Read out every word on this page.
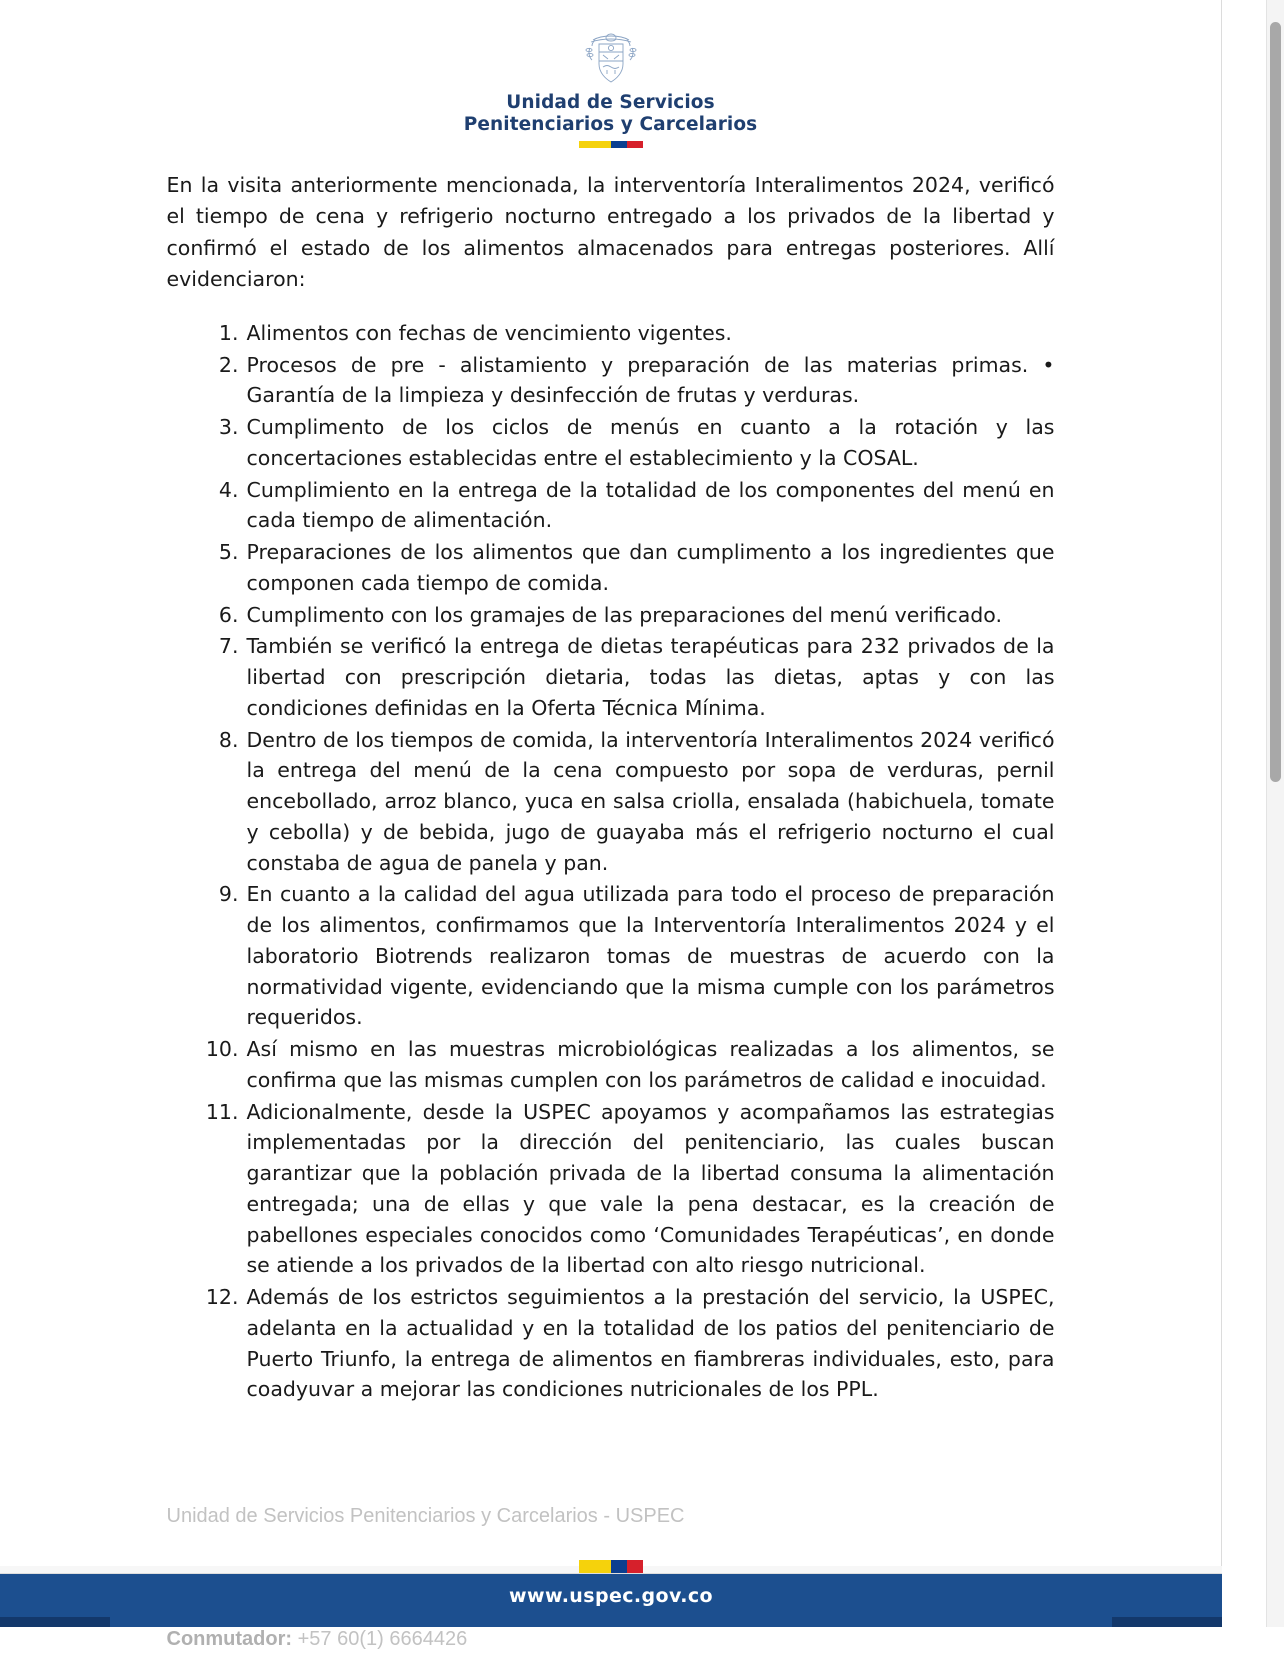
Unidad de Servicios
Penitenciarios y Carcelarios

En la visita anteriormente mencionada, la interventoría Interalimentos 2024, verificó el tiempo de cena y refrigerio nocturno entregado a los privados de la libertad y confirmó el estado de los alimentos almacenados para entregas posteriores. Allí evidenciaron:

Alimentos con fechas de vencimiento vigentes.
Procesos de pre - alistamiento y preparación de las materias primas. • Garantía de la limpieza y desinfección de frutas y verduras.
Cumplimento de los ciclos de menús en cuanto a la rotación y las concertaciones establecidas entre el establecimiento y la COSAL.
Cumplimiento en la entrega de la totalidad de los componentes del menú en cada tiempo de alimentación.
Preparaciones de los alimentos que dan cumplimento a los ingredientes que componen cada tiempo de comida.
Cumplimento con los gramajes de las preparaciones del menú verificado.
También se verificó la entrega de dietas terapéuticas para 232 privados de la libertad con prescripción dietaria, todas las dietas, aptas y con las condiciones definidas en la Oferta Técnica Mínima.
Dentro de los tiempos de comida, la interventoría Interalimentos 2024 verificó la entrega del menú de la cena compuesto por sopa de verduras, pernil encebollado, arroz blanco, yuca en salsa criolla, ensalada (habichuela, tomate y cebolla) y de bebida, jugo de guayaba más el refrigerio nocturno el cual constaba de agua de panela y pan.
En cuanto a la calidad del agua utilizada para todo el proceso de preparación de los alimentos, confirmamos que la Interventoría Interalimentos 2024 y el laboratorio Biotrends realizaron tomas de muestras de acuerdo con la normatividad vigente, evidenciando que la misma cumple con los parámetros requeridos.
Así mismo en las muestras microbiológicas realizadas a los alimentos, se confirma que las mismas cumplen con los parámetros de calidad e inocuidad.
Adicionalmente, desde la USPEC apoyamos y acompañamos las estrategias implementadas por la dirección del penitenciario, las cuales buscan garantizar que la población privada de la libertad consuma la alimentación entregada; una de ellas y que vale la pena destacar, es la creación de pabellones especiales conocidos como ‘Comunidades Terapéuticas’, en donde se atiende a los privados de la libertad con alto riesgo nutricional.
Además de los estrictos seguimientos a la prestación del servicio, la USPEC, adelanta en la actualidad y en la totalidad de los patios del penitenciario de Puerto Triunfo, la entrega de alimentos en fiambreras individuales, esto, para coadyuvar a mejorar las condiciones nutricionales de los PPL.
Unidad de Servicios Penitenciarios y Carcelarios - USPEC
Conmutador: +57 60(1) 6664426
www.uspec.gov.co
